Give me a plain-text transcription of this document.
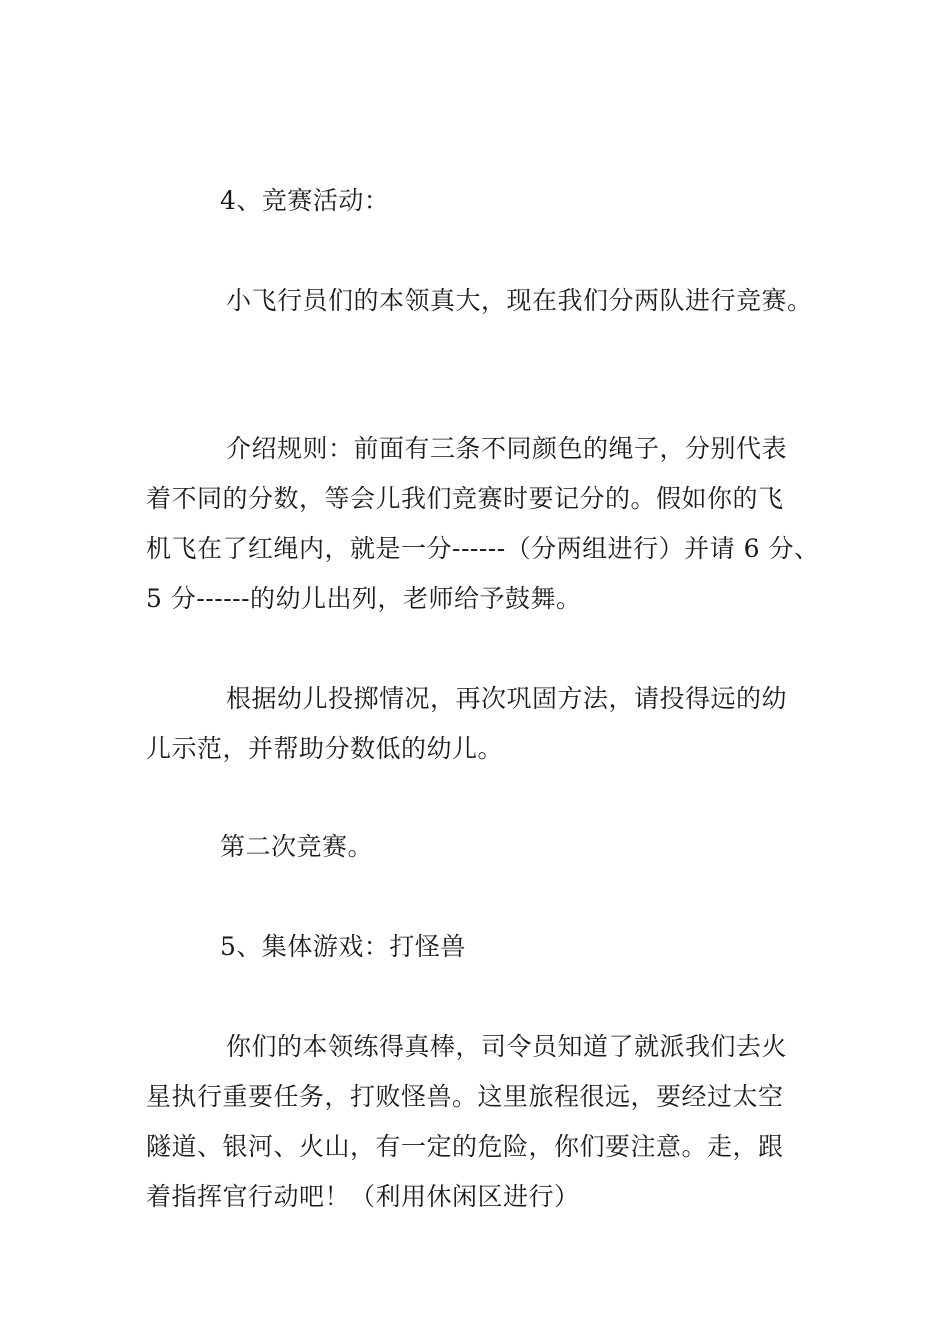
4、竞赛活动：
小飞行员们的本领真大，现在我们分两队进行竞赛。
介绍规则：前面有三条不同颜色的绳子，分别代表
着不同的分数，等会儿我们竞赛时要记分的。假如你的飞
机飞在了红绳内，就是一分------（分两组进行）并请 6 分、
5 分------的幼儿出列，老师给予鼓舞。
根据幼儿投掷情况，再次巩固方法，请投得远的幼
儿示范，并帮助分数低的幼儿。
第二次竞赛。
5、集体游戏：打怪兽
你们的本领练得真棒，司令员知道了就派我们去火
星执行重要任务，打败怪兽。这里旅程很远，要经过太空
隧道、银河、火山，有一定的危险，你们要注意。走，跟
着指挥官行动吧！（利用休闲区进行）
